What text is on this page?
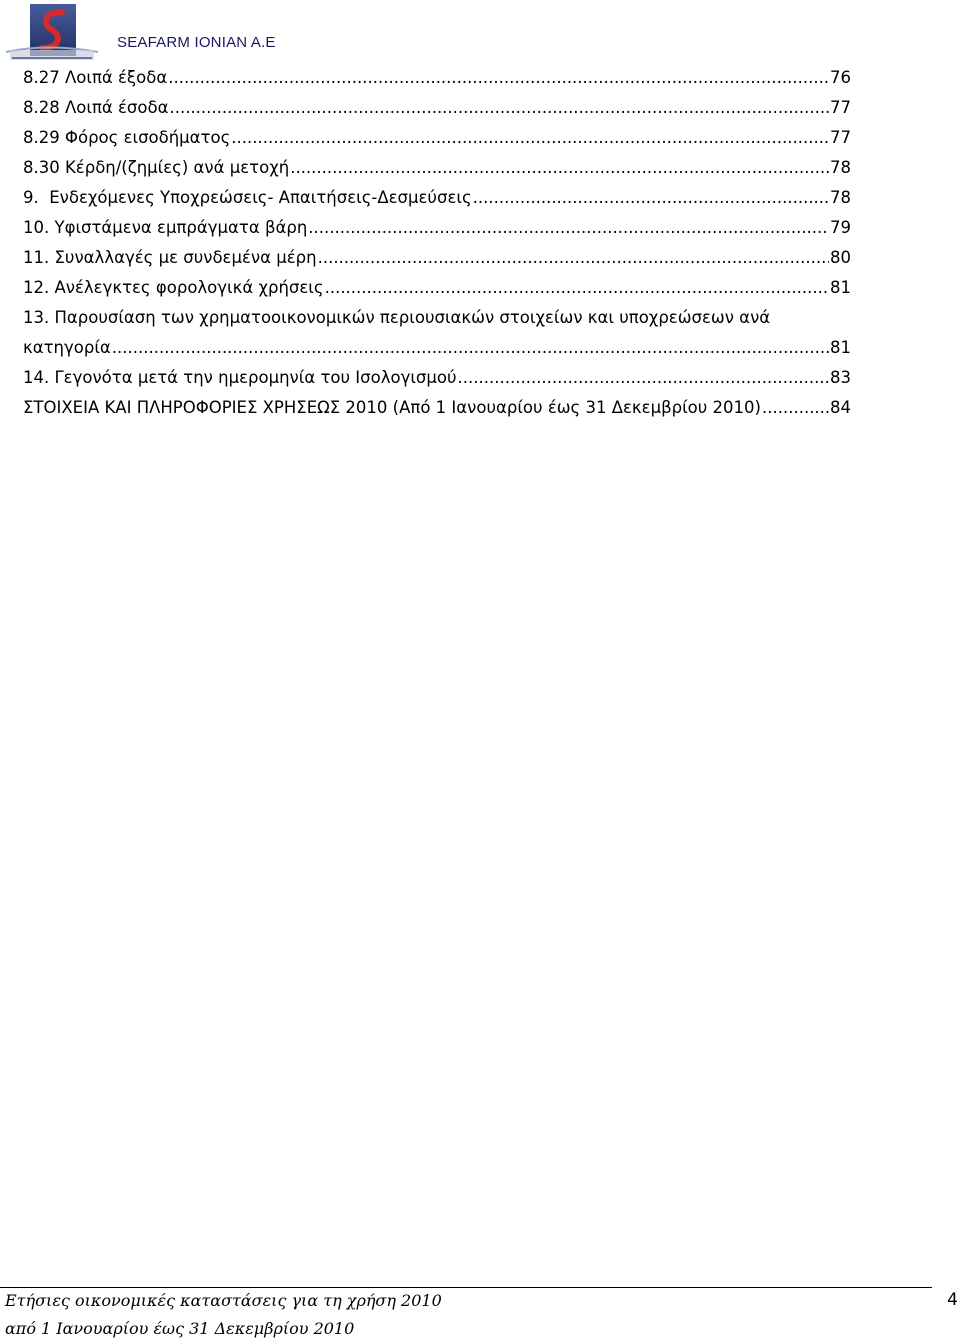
SEAFARM IONIAN A.E
8.27 Λοιπά έξοδα .....	76
8.28 Λοιπά έσοδα .....	77
8.29 Φόρος εισοδήματος .....	77
8.30 Κέρδη/(ζημίες) ανά μετοχή .....	78
9.  Ενδεχόμενες Υποχρεώσεις- Απαιτήσεις-Δεσμεύσεις .....	78
10. Υφιστάμενα εμπράγματα βάρη .....	79
11. Συναλλαγές με συνδεμένα μέρη .....	80
12. Ανέλεγκτες φορολογικά χρήσεις .....	81
13. Παρουσίαση των χρηματοοικονομικών περιουσιακών στοιχείων και υποχρεώσεων ανά
κατηγορία .....	81
14. Γεγονότα μετά την ημερομηνία του Ισολογισμού .....	83
ΣΤΟΙΧΕΙΑ ΚΑΙ ΠΛΗΡΟΦΟΡΙΕΣ ΧΡΗΣΕΩΣ 2010 (Από 1 Ιανουαρίου έως 31 Δεκεμβρίου 2010) .....	84
Ετήσιες οικονομικές καταστάσεις για τη χρήση 2010
από 1 Ιανουαρίου έως 31 Δεκεμβρίου 2010
4
